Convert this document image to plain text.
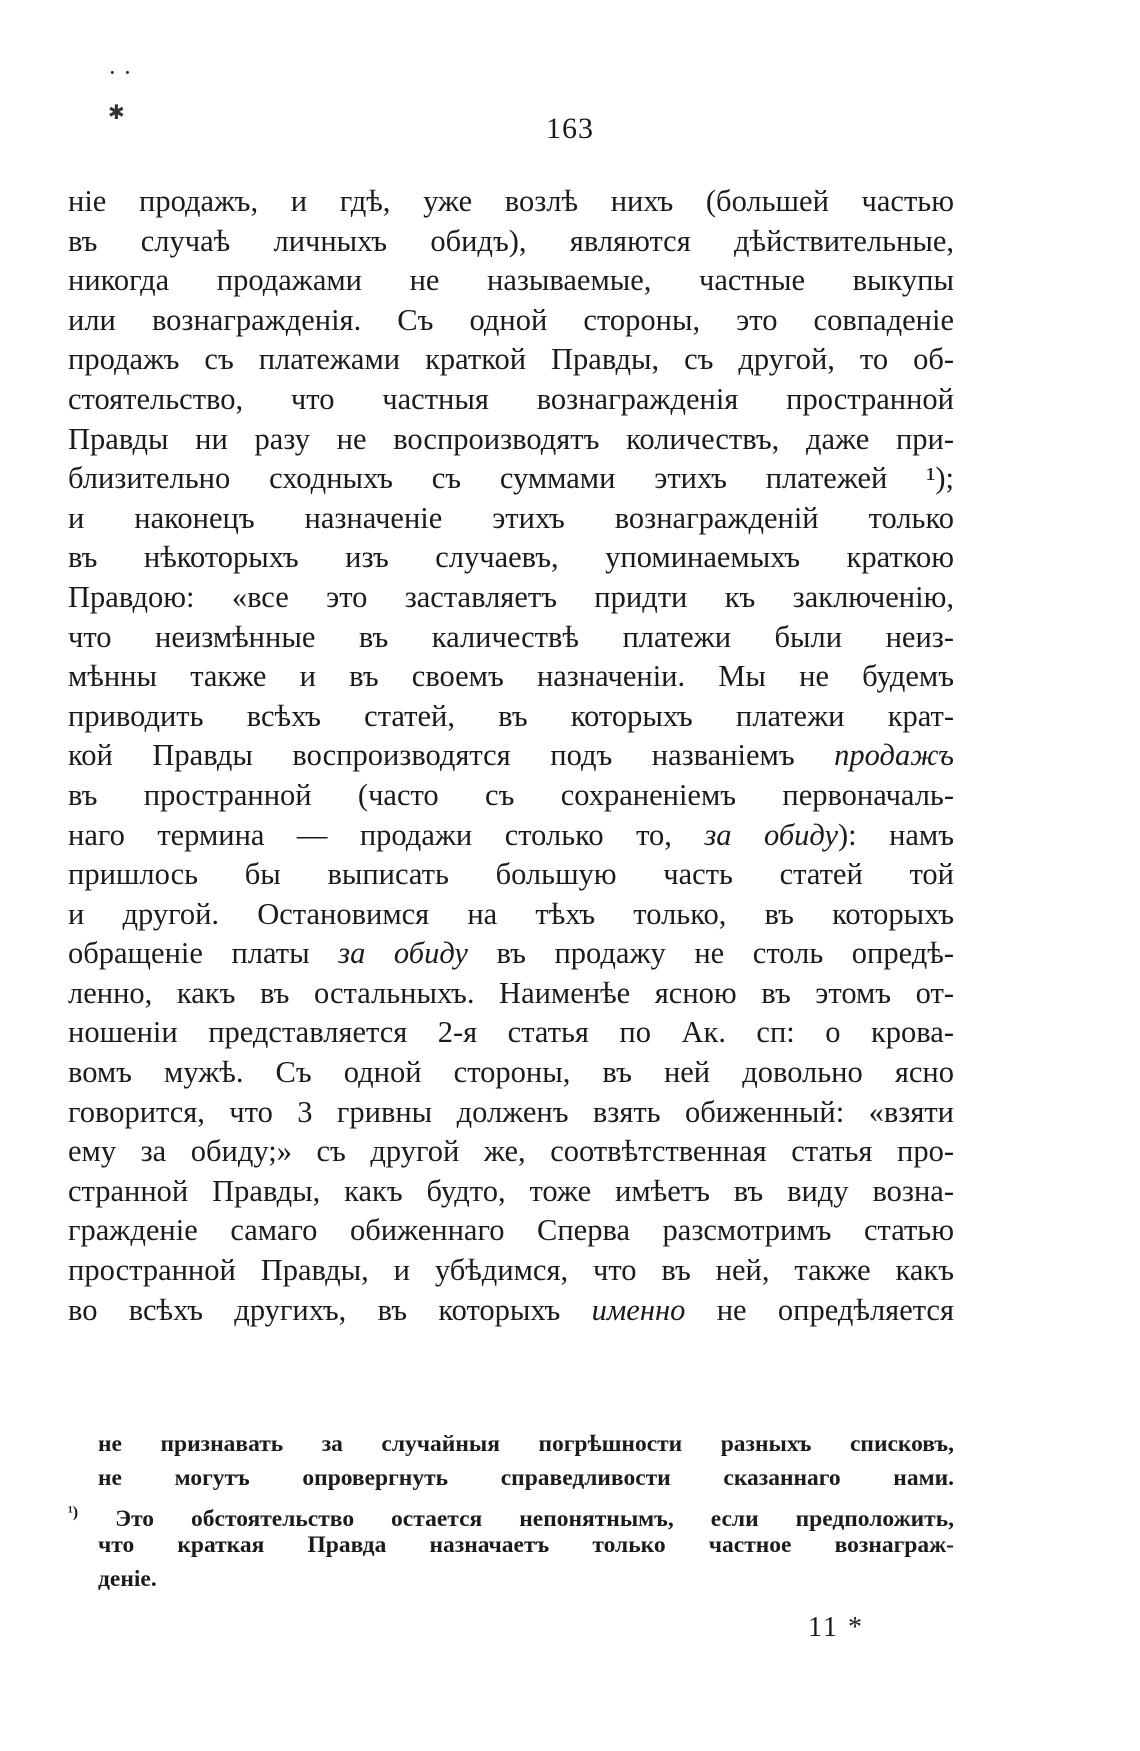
· ·
✱	163
ніе продажъ, и гдѣ, уже возлѣ нихъ (большей частью
въ случаѣ личныхъ обидъ), являются дѣйствительные,
никогда продажами не называемые, частные выкупы
или вознагражденія. Съ одной стороны, это совпаденіе
продажъ съ платежами краткой Правды, съ другой, то об-
стоятельство, что частныя вознагражденія пространной
Правды ни разу не воспроизводятъ количествъ, даже при-
близительно сходныхъ съ суммами этихъ платежей ¹);
и наконецъ назначеніе этихъ вознагражденій только
въ нѣкоторыхъ изъ случаевъ, упоминаемыхъ краткою
Правдою: «все это заставляетъ придти къ заключенію,
что неизмѣнные въ каличествѣ платежи были неиз-
мѣнны также и въ своемъ назначеніи. Мы не будемъ
приводить всѣхъ статей, въ которыхъ платежи крат-
кой Правды воспроизводятся подъ названіемъ продажъ
въ пространной (часто съ сохраненіемъ первоначаль-
наго термина — продажи столько то, за обиду): намъ
пришлось бы выписать большую часть статей той
и другой. Остановимся на тѣхъ только, въ которыхъ
обращеніе платы за обиду въ продажу не столь опредѣ-
ленно, какъ въ остальныхъ. Наименѣе ясною въ этомъ от-
ношеніи представляется 2-я статья по Ак. сп: о крова-
вомъ мужѣ. Съ одной стороны, въ ней довольно ясно
говорится, что 3 гривны долженъ взять обиженный: «взяти
ему за обиду;» съ другой же, соотвѣтственная статья про-
странной Правды, какъ будто, тоже имѣетъ въ виду возна-
гражденіе самаго обиженнаго Сперва разсмотримъ статью
пространной Правды, и убѣдимся, что въ ней, также какъ
во всѣхъ другихъ, въ которыхъ именно не опредѣляется
не признавать за случайныя погрѣшности разныхъ списковъ,
не могутъ опровергнуть справедливости сказаннаго нами.
$^{^1)}$ Это обстоятельство остается непонятнымъ, если предположить,
что краткая Правда назначаетъ только частное вознаграж-
деніе.
11 *
